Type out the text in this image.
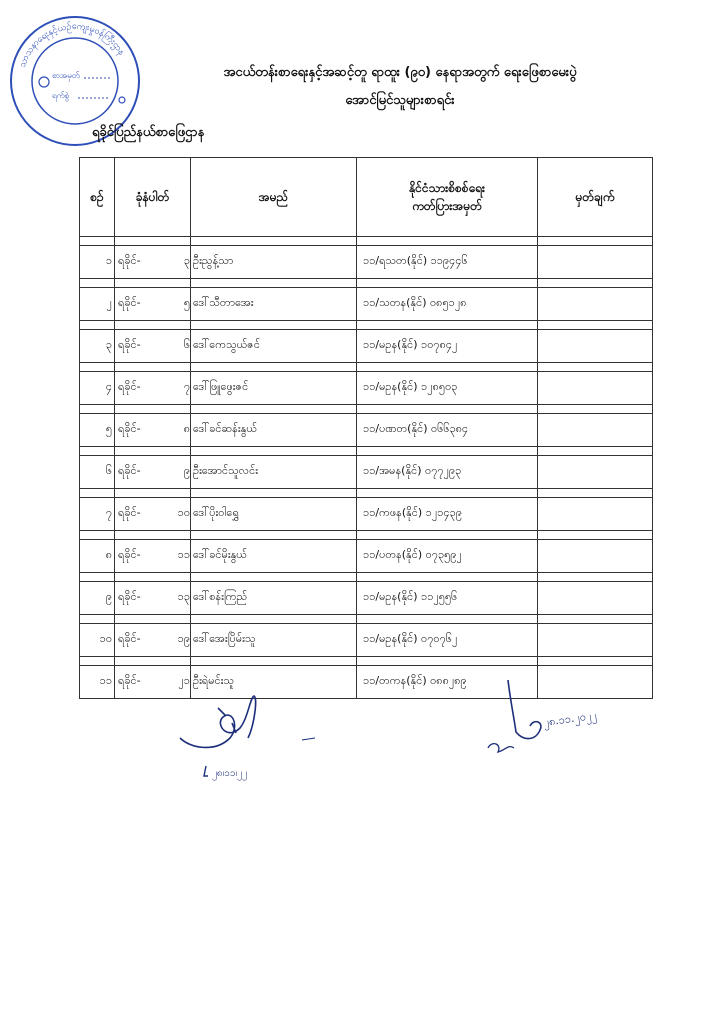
သာသနာရေးနှင့်ယဉ်ကျေးမှုဝန်ကြီးဌာန
စာအမှတ်
ရက်စွဲ
အငယ်တန်းစာရေးနှင့်အဆင့်တူ ရာထူး (၉၀) နေရာအတွက် ရေးဖြေစာမေးပွဲ
အောင်မြင်သူများစာရင်း
ရခိုင်ပြည်နယ်စာဖြေဌာန
စဉ်	ခုံနံပါတ်	အမည်	နိုင်ငံသားစိစစ်ရေး
ကတ်ပြားအမှတ်	မှတ်ချက်

၁	ရခိုင်- ၃	ဦးညွန့်သာ	၁၁/ရသတ(နိုင်) ၁၁၉၄၄၆	

၂	ရခိုင်- ၅	ဒေါ်သီတာအေး	၁၁/သတန(နိုင်) ဝ၈၅၁၂၈	

၃	ရခိုင်- ၆	ဒေါ်ကေသွယ်ဇင်	၁၁/မဥန(နိုင်) ၁ဝ၇၈၄၂	

၄	ရခိုင်- ၇	ဒေါ်ဖြူဖွေးဇင်	၁၁/မဥန(နိုင်) ၁၂၈၅ဝ၃	

၅	ရခိုင်- ၈	ဒေါ်ခင်ဆန်းနွယ်	၁၁/ပဏတ(နိုင်) ဝ၆၆၃၈၄	

၆	ရခိုင်- ၉	ဦးအောင်သူလင်း	၁၁/အမန(နိုင်) ဝ၇၇၂၉၃	

၇	ရခိုင်- ၁ဝ	ဒေါ်ပိုးဝါရွှေ	၁၁/ကဖန(နိုင်) ၁၂၁၄၃၉	

၈	ရခိုင်- ၁၁	ဒေါ်ခင်မိုးနွယ်	၁၁/ပတန(နိုင်) ဝ၇၃၅၉၂	

၉	ရခိုင်- ၁၃	ဒေါ်စန်းကြည်	၁၁/မဥန(နိုင်) ၁၁၂၅၅၆	

၁ဝ	ရခိုင်- ၁၉	ဒေါ်အေးပြိမ်းသူ	၁၁/မဥန(နိုင်) ဝ၇ဝ၇၆၂	

၁၁	ရခိုင်- ၂၁	ဦးရဲမင်းသူ	၁၁/တကန(နိုင်) ဝ၈၈၂၈၉	
၂၈၊၁၁၊၂၂
၂၈.၁၁.၂၀၂၂
